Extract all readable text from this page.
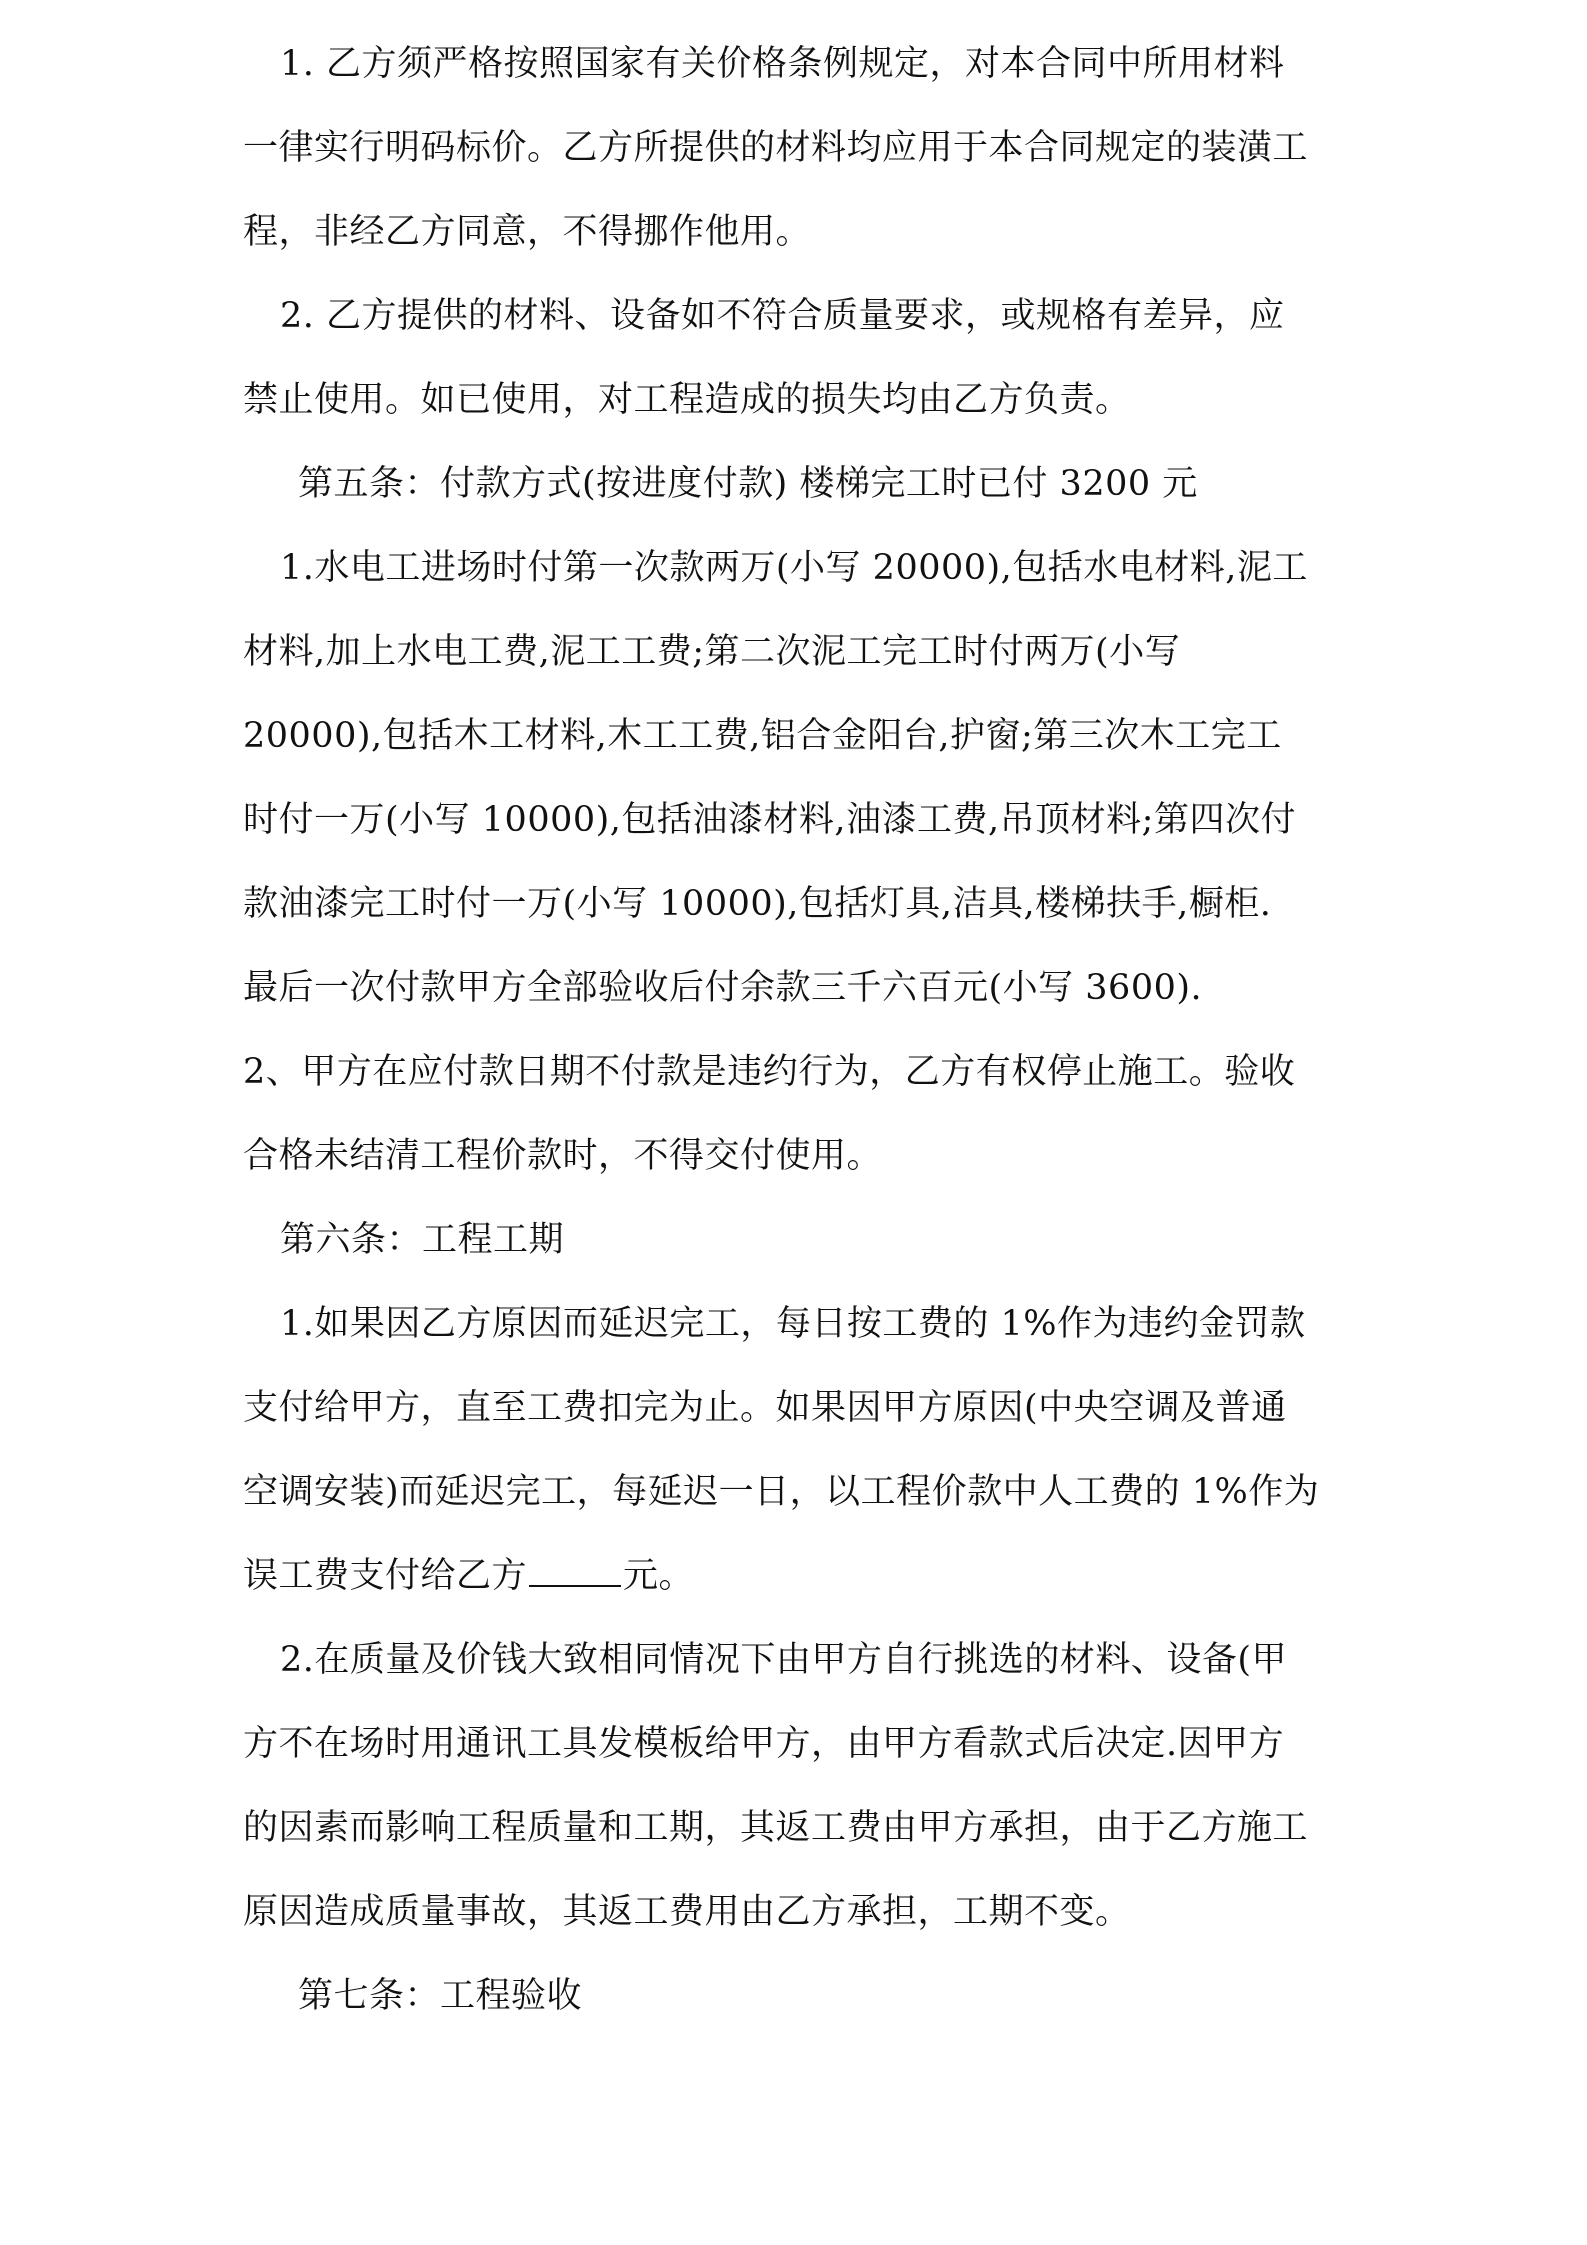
1. 乙方须严格按照国家有关价格条例规定，对本合同中所用材料
一律实行明码标价。乙方所提供的材料均应用于本合同规定的装潢工
程，非经乙方同意，不得挪作他用。
2. 乙方提供的材料、设备如不符合质量要求，或规格有差异，应
禁止使用。如已使用，对工程造成的损失均由乙方负责。
第五条：付款方式(按进度付款) 楼梯完工时已付 3200 元
1.水电工进场时付第一次款两万(小写 20000),包括水电材料,泥工
材料,加上水电工费,泥工工费;第二次泥工完工时付两万(小写
20000),包括木工材料,木工工费,铝合金阳台,护窗;第三次木工完工
时付一万(小写 10000),包括油漆材料,油漆工费,吊顶材料;第四次付
款油漆完工时付一万(小写 10000),包括灯具,洁具,楼梯扶手,橱柜.
最后一次付款甲方全部验收后付余款三千六百元(小写 3600).
2、甲方在应付款日期不付款是违约行为，乙方有权停止施工。验收
合格未结清工程价款时，不得交付使用。
第六条：工程工期
1.如果因乙方原因而延迟完工，每日按工费的 1%作为违约金罚款
支付给甲方，直至工费扣完为止。如果因甲方原因(中央空调及普通
空调安装)而延迟完工，每延迟一日，以工程价款中人工费的 1%作为
误工费支付给乙方	元。
2.在质量及价钱大致相同情况下由甲方自行挑选的材料、设备(甲
方不在场时用通讯工具发模板给甲方，由甲方看款式后决定.因甲方
的因素而影响工程质量和工期，其返工费由甲方承担，由于乙方施工
原因造成质量事故，其返工费用由乙方承担，工期不变。
第七条：工程验收
